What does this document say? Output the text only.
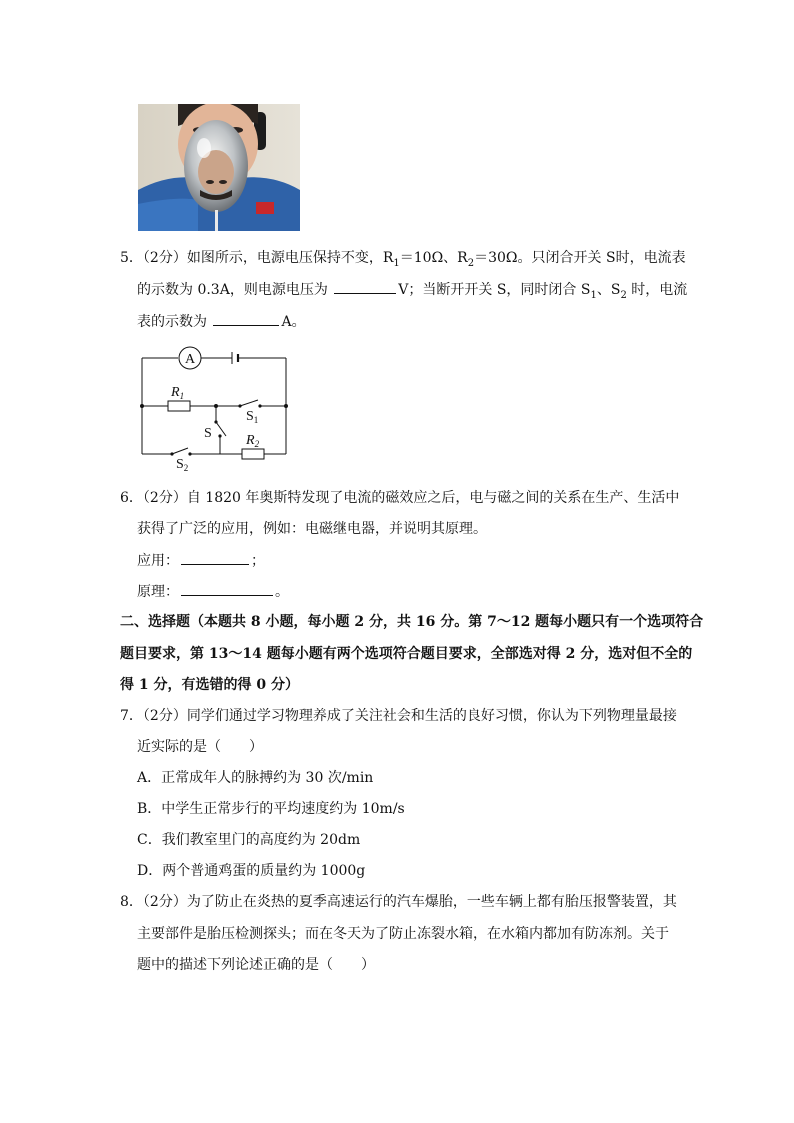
5．（2分）如图所示，电源电压保持不变，$R_1=10\Omega$、$R_2=30\Omega$。只闭合开关 S时，电流表
的示数为 0.3A，则电源电压为	V；当断开开关 S，同时闭合 $S_1$、$S_2$ 时，电流
表的示数为	A。
A
$R_1$
$S_1$
S $R_2$
$S_2$
6．（2分）自 1820 年奥斯特发现了电流的磁效应之后，电与磁之间的关系在生产、生活中
获得了广泛的应用，例如：电磁继电器，并说明其原理。
应用：	；
原理：	。
二、选择题（本题共 8 小题，每小题 2 分，共 16 分。第 7～12 题每小题只有一个选项符合
题目要求，第 13～14 题每小题有两个选项符合题目要求，全部选对得 2 分，选对但不全的
得 1 分，有选错的得 0 分）
7．（2分）同学们通过学习物理养成了关注社会和生活的良好习惯，你认为下列物理量最接
近实际的是（　　）
A．正常成年人的脉搏约为 30 次/min
B．中学生正常步行的平均速度约为 10m/s
C．我们教室里门的高度约为 20dm
D．两个普通鸡蛋的质量约为 1000g
8．（2分）为了防止在炎热的夏季高速运行的汽车爆胎，一些车辆上都有胎压报警装置，其
主要部件是胎压检测探头；而在冬天为了防止冻裂水箱，在水箱内都加有防冻剂。关于
题中的描述下列论述正确的是（　　）
